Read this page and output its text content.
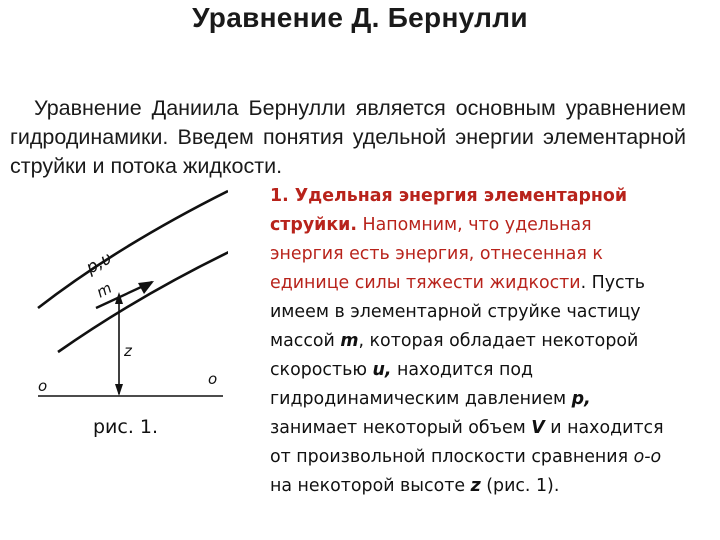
Уравнение Д. Бернулли
Уравнение Даниила Бернулли является основным уравнением гидродинамики. Введем понятия удельной энергии элементарной струйки и потока жидкости.
p,υ
m
z
o	o
рис. 1.
1. Удельная энергия элементарной
струйки. Напомним, что удельная
энергия есть энергия, отнесенная к
единице силы тяжести жидкости. Пусть
имеем в элементарной струйке частицу
массой m, которая обладает некоторой
скоростью u, находится под
гидродинамическим давлением p,
занимает некоторый объем V и находится
от произвольной плоскости сравнения о-о
на некоторой высоте z (рис. 1).
